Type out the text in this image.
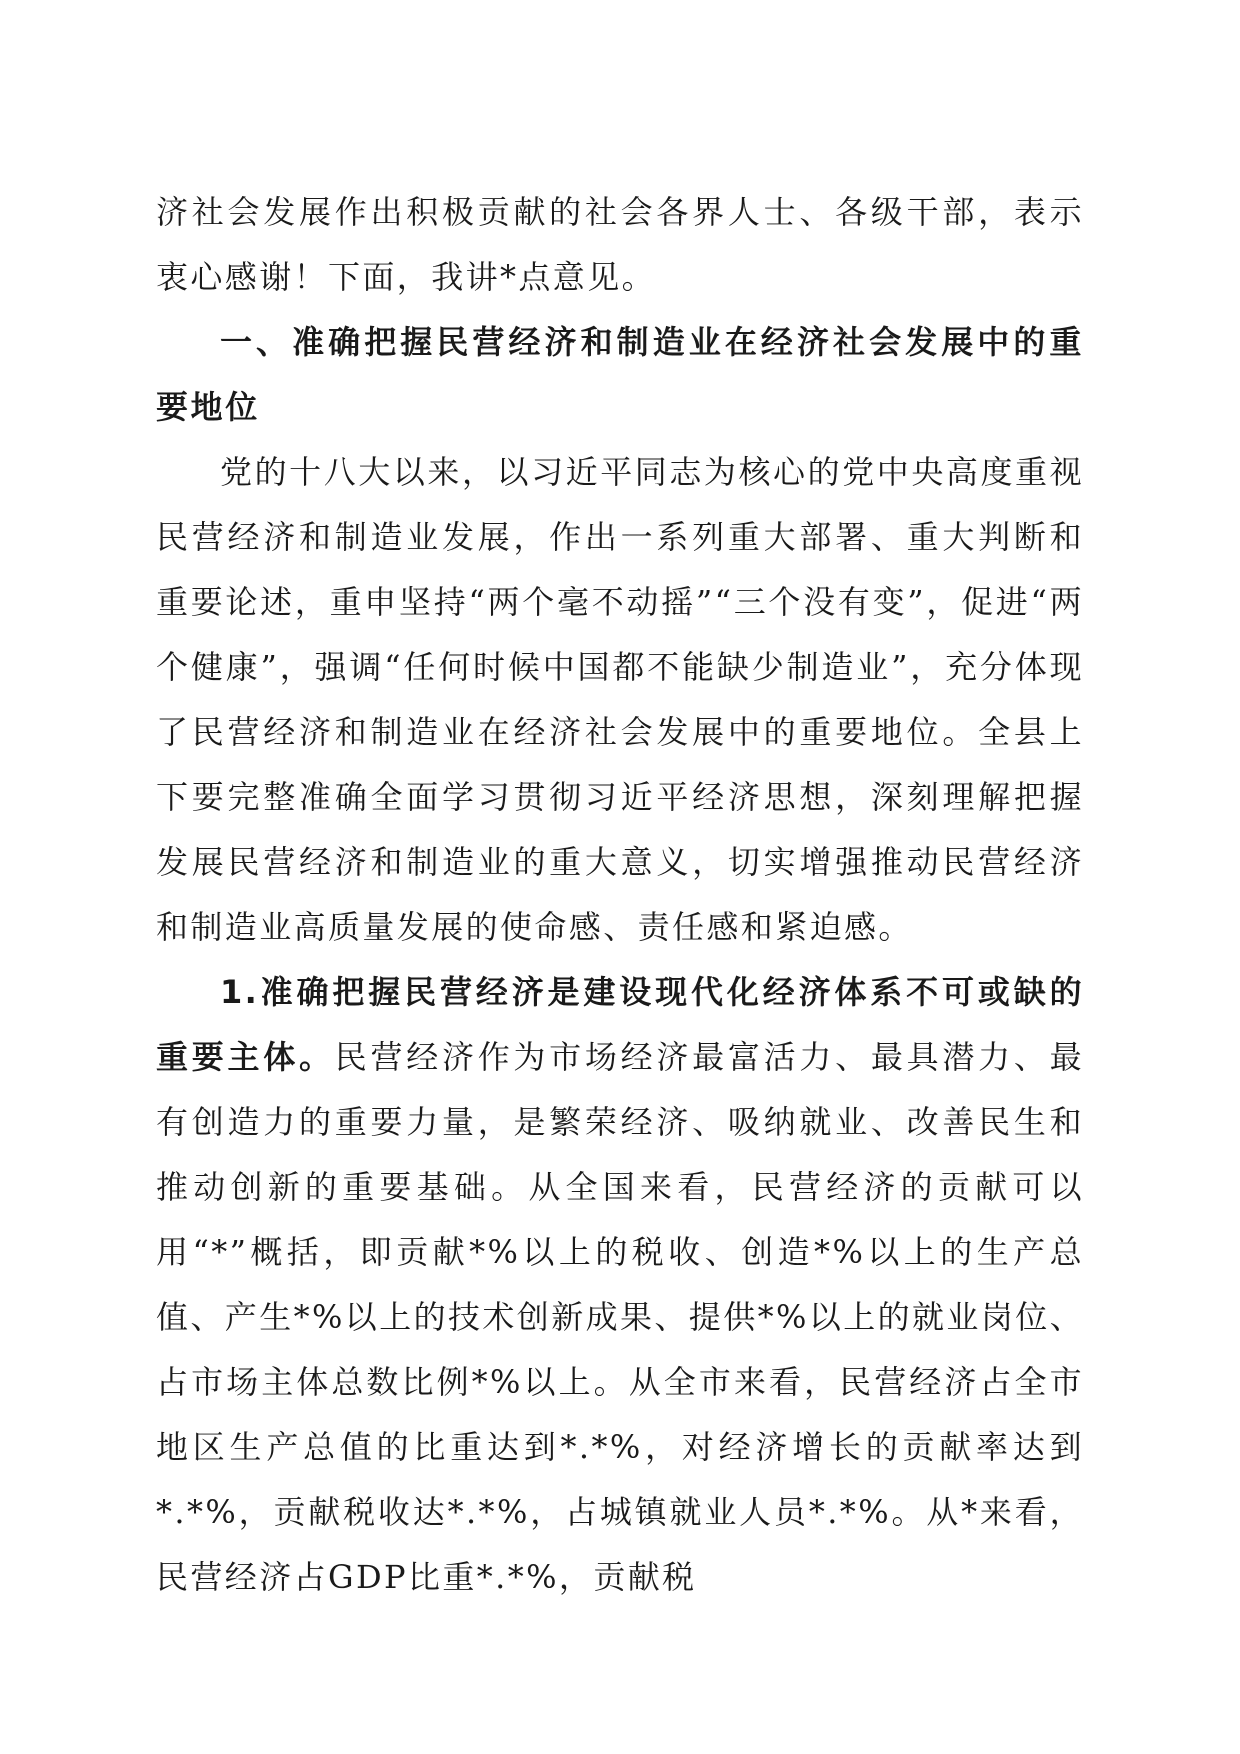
济社会发展作出积极贡献的社会各界人士、各级干部，表示衷心感谢！下面，我讲*点意见。

一、准确把握民营经济和制造业在经济社会发展中的重要地位

党的十八大以来，以习近平同志为核心的党中央高度重视民营经济和制造业发展，作出一系列重大部署、重大判断和重要论述，重申坚持“两个毫不动摇”“三个没有变”，促进“两个健康”，强调“任何时候中国都不能缺少制造业”，充分体现了民营经济和制造业在经济社会发展中的重要地位。全县上下要完整准确全面学习贯彻习近平经济思想，深刻理解把握发展民营经济和制造业的重大意义，切实增强推动民营经济和制造业高质量发展的使命感、责任感和紧迫感。

1.准确把握民营经济是建设现代化经济体系不可或缺的重要主体。民营经济作为市场经济最富活力、最具潜力、最有创造力的重要力量，是繁荣经济、吸纳就业、改善民生和推动创新的重要基础。从全国来看，民营经济的贡献可以用“*”概括，即贡献*%以上的税收、创造*%以上的生产总值、产生*%以上的技术创新成果、提供*%以上的就业岗位、占市场主体总数比例*%以上。从全市来看，民营经济占全市地区生产总值的比重达到*.*%，对经济增长的贡献率达到*.*%，贡献税收达*.*%，占城镇就业人员*.*%。从*来看，民营经济占GDP比重*.*%，贡献税
